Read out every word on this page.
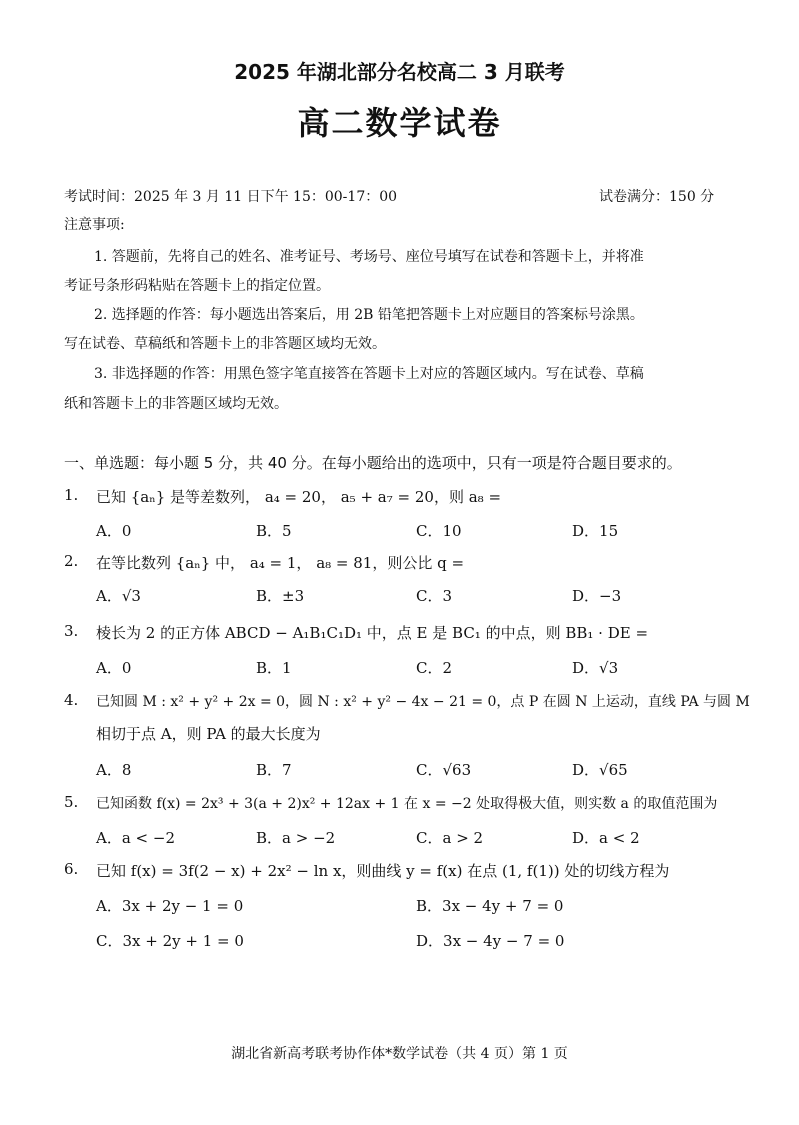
2025 年湖北部分名校高二 3 月联考
高二数学试卷
考试时间：2025 年 3 月 11 日下午 15：00-17：00	试卷满分：150 分
注意事项:
1. 答题前，先将自己的姓名、准考证号、考场号、座位号填写在试卷和答题卡上，并将准
考证号条形码粘贴在答题卡上的指定位置。
2. 选择题的作答：每小题选出答案后，用 2B 铅笔把答题卡上对应题目的答案标号涂黑。
写在试卷、草稿纸和答题卡上的非答题区域均无效。
3. 非选择题的作答：用黑色签字笔直接答在答题卡上对应的答题区域内。写在试卷、草稿
纸和答题卡上的非答题区域均无效。
一、单选题：每小题 5 分，共 40 分。在每小题给出的选项中，只有一项是符合题目要求的。
1. 已知 {aₙ} 是等差数列， a₄ = 20， a₅ + a₇ = 20，则 a₈ =
A．0	B．5	C．10	D．15
2. 在等比数列 {aₙ} 中， a₄ = 1， a₈ = 81，则公比 q =
A．√3	B．±3	C．3	D．−3
3. 棱长为 2 的正方体 ABCD − A₁B₁C₁D₁ 中，点 E 是 BC₁ 的中点，则 BB₁ · DE =
A．0	B．1	C．2	D．√3
4. 已知圆 M : x² + y² + 2x = 0，圆 N : x² + y² − 4x − 21 = 0，点 P 在圆 N 上运动，直线 PA 与圆 M
相切于点 A，则 PA 的最大长度为
A．8	B．7	C．√63	D．√65
5. 已知函数 f(x) = 2x³ + 3(a + 2)x² + 12ax + 1 在 x = −2 处取得极大值，则实数 a 的取值范围为
A．a < −2	B．a > −2	C．a > 2	D．a < 2
6. 已知 f(x) = 3f(2 − x) + 2x² − ln x，则曲线 y = f(x) 在点 (1, f(1)) 处的切线方程为
A．3x + 2y − 1 = 0	B．3x − 4y + 7 = 0
C．3x + 2y + 1 = 0	D．3x − 4y − 7 = 0
湖北省新高考联考协作体*数学试卷（共 4 页）第 1 页
